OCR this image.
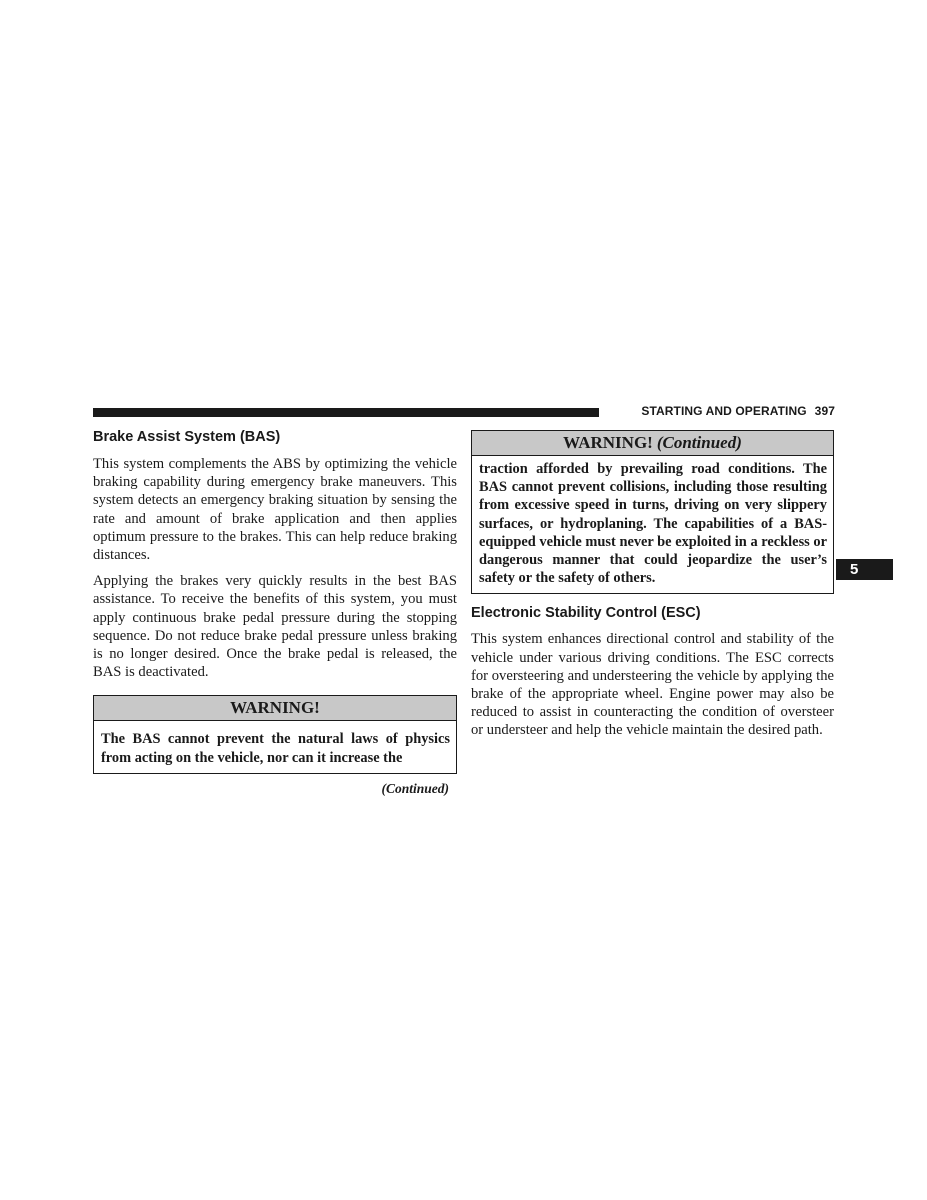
STARTING AND OPERATING 397
5
Brake Assist System (BAS)

This system complements the ABS by optimizing the vehicle braking capability during emergency brake maneuvers. This system detects an emergency braking situation by sensing the rate and amount of brake application and then applies optimum pressure to the brakes. This can help reduce braking distances.

Applying the brakes very quickly results in the best BAS assistance. To receive the benefits of this system, you must apply continuous brake pedal pressure during the stopping sequence. Do not reduce brake pedal pressure unless braking is no longer desired. Once the brake pedal is released, the BAS is deactivated.

WARNING!
The BAS cannot prevent the natural laws of physics from acting on the vehicle, nor can it increase the
(Continued)
WARNING! (Continued)
traction afforded by prevailing road conditions. The BAS cannot prevent collisions, including those resulting from excessive speed in turns, driving on very slippery surfaces, or hydroplaning. The capabilities of a BAS-equipped vehicle must never be exploited in a reckless or dangerous manner that could jeopardize the user’s safety or the safety of others.
Electronic Stability Control (ESC)

This system enhances directional control and stability of the vehicle under various driving conditions. The ESC corrects for oversteering and understeering the vehicle by applying the brake of the appropriate wheel. Engine power may also be reduced to assist in counteracting the condition of oversteer or understeer and help the vehicle maintain the desired path.
